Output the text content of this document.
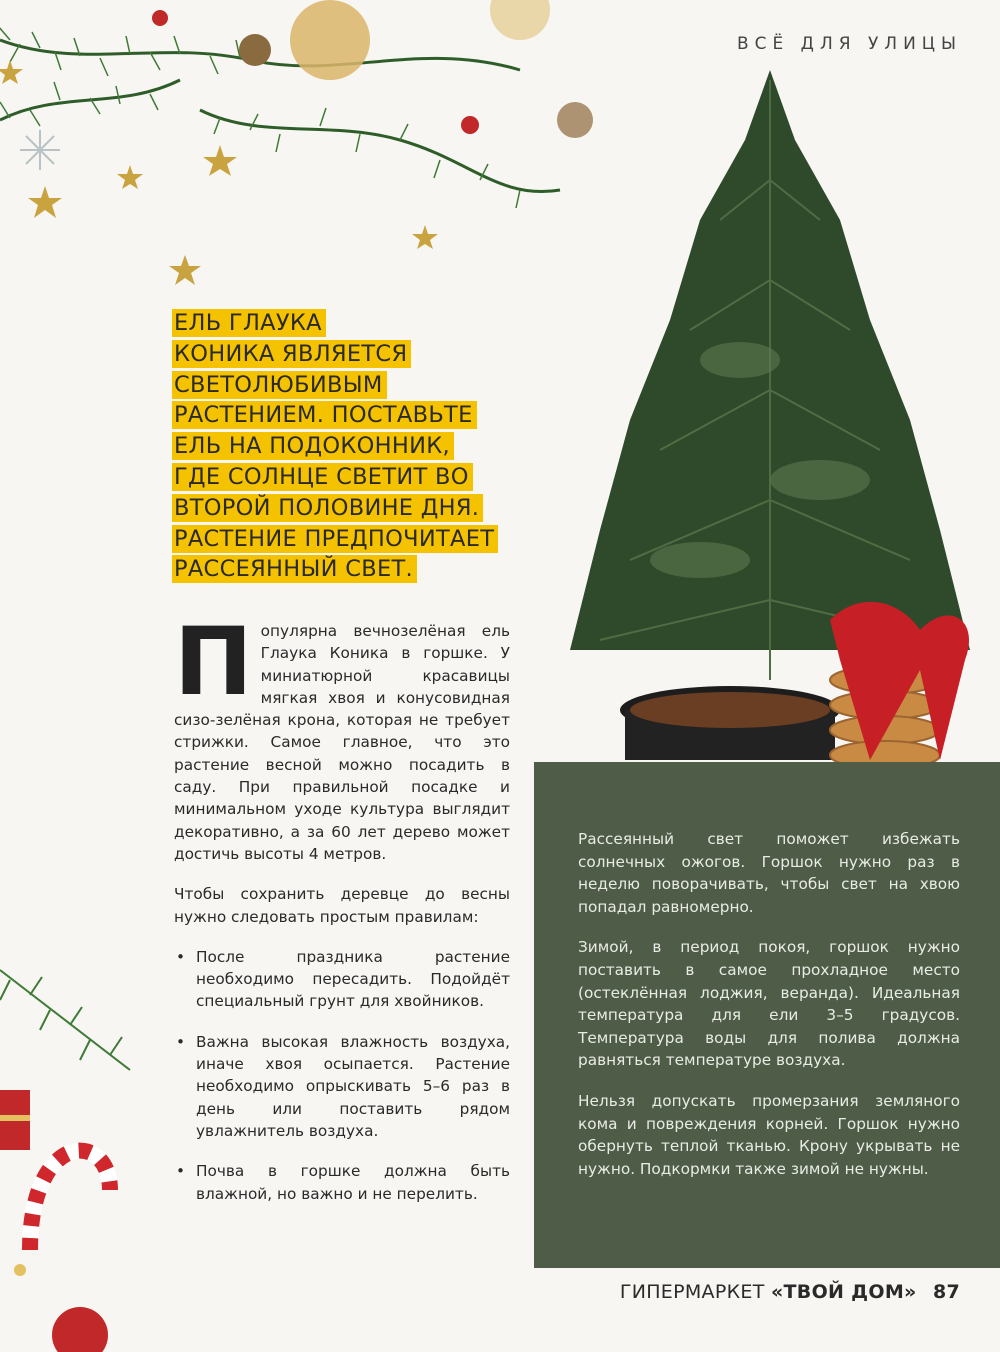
ВСЁ ДЛЯ УЛИЦЫ
ЕЛЬ ГЛАУКА
КОНИКА ЯВЛЯЕТСЯ
СВЕТОЛЮБИВЫМ
РАСТЕНИЕМ. ПОСТАВЬТЕ
ЕЛЬ НА ПОДОКОННИК,
ГДЕ СОЛНЦЕ СВЕТИТ ВО
ВТОРОЙ ПОЛОВИНЕ ДНЯ.
РАСТЕНИЕ ПРЕДПОЧИТАЕТ
РАССЕЯННЫЙ СВЕТ.

Популярна вечнозелёная ель Глаука Коника в горшке. У миниатюрной красавицы мягкая хвоя и конусовидная сизо-зелёная крона, которая не требует стрижки. Самое главное, что это растение весной можно посадить в саду. При правильной посадке и минимальном уходе культура выглядит декоративно, а за 60 лет дерево может достичь высоты 4 метров.

Чтобы сохранить деревце до весны нужно следовать простым правилам:

• После праздника растение необходимо пересадить. Подойдёт специальный грунт для хвойников.
• Важна высокая влажность воздуха, иначе хвоя осыпается. Растение необходимо опрыскивать 5–6 раз в день или поставить рядом увлажнитель воздуха.
• Почва в горшке должна быть влажной, но важно и не перелить.

Рассеянный свет поможет избежать солнечных ожогов. Горшок нужно раз в неделю поворачивать, чтобы свет на хвою попадал равномерно.

Зимой, в период покоя, горшок нужно поставить в самое прохладное место (остеклённая лоджия, веранда). Идеальная температура для ели 3–5 градусов. Температура воды для полива должна равняться температуре воздуха.

Нельзя допускать промерзания земляного кома и повреждения корней. Горшок нужно обернуть теплой тканью. Крону укрывать не нужно. Подкормки также зимой не нужны.

ГИПЕРМАРКЕТ «ТВОЙ ДОМ» 87
